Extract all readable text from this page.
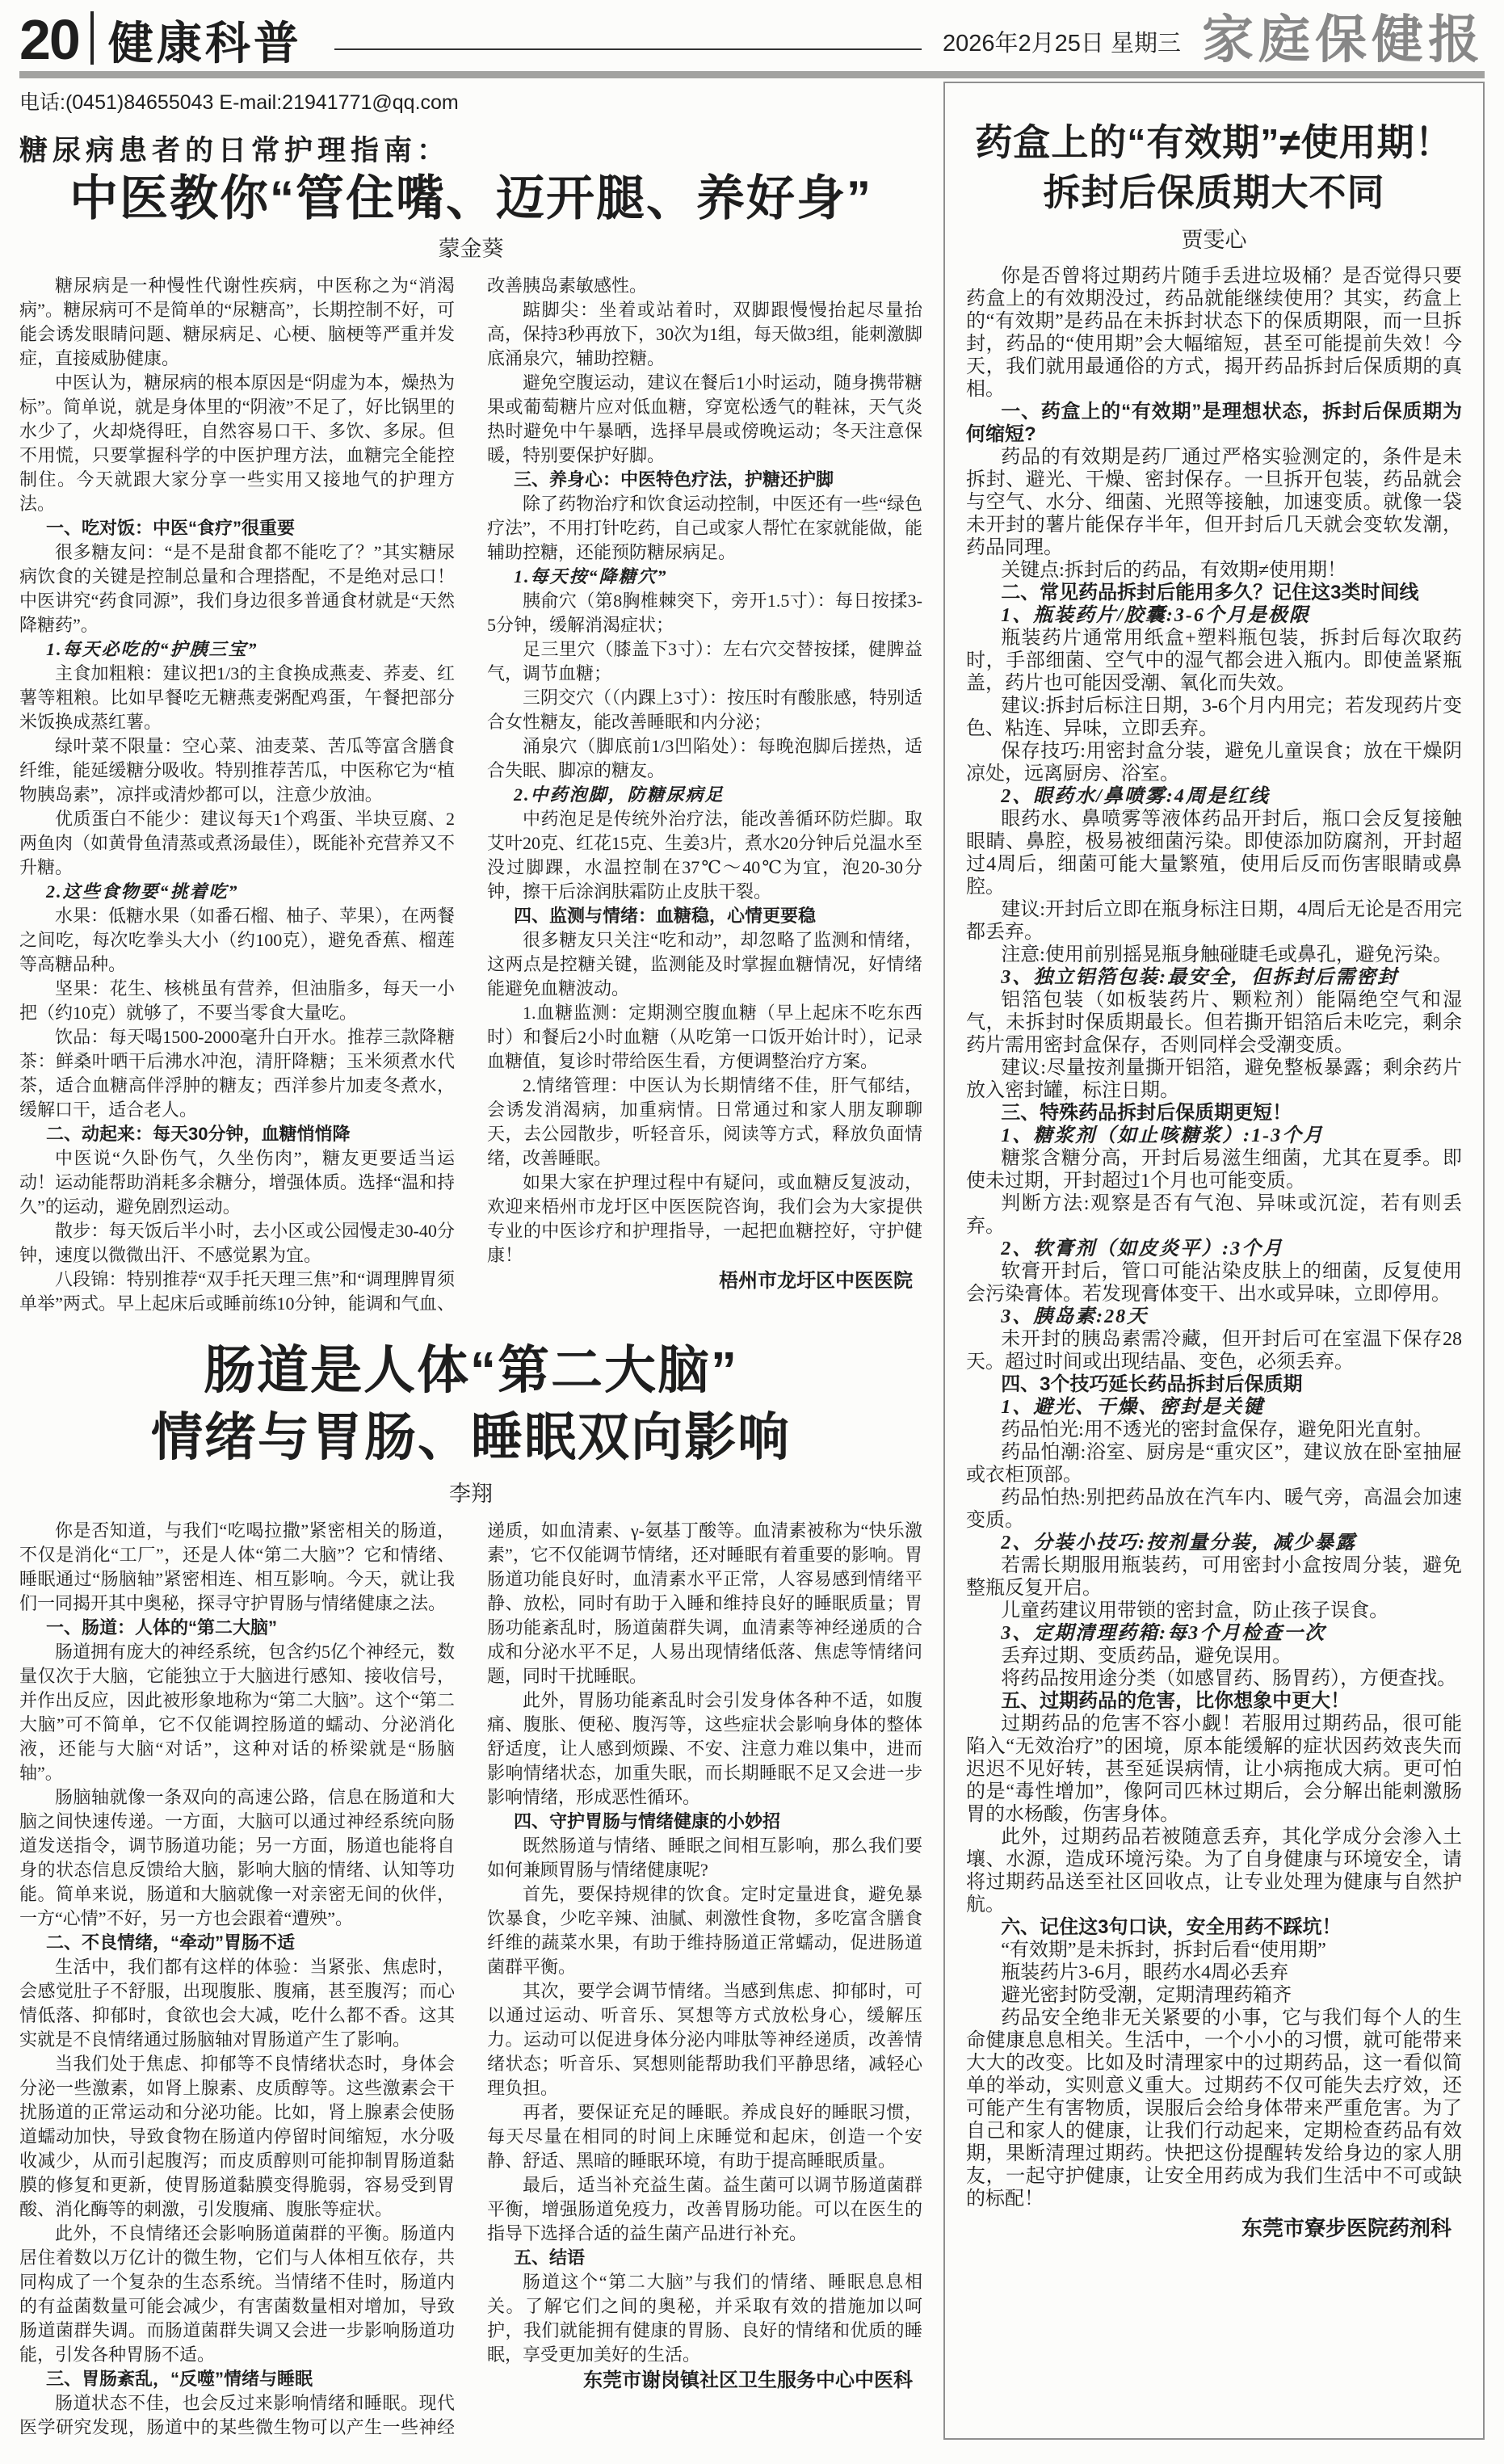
20 健康科普	2026年2月25日 星期三 家庭保健报
电话:(0451)84655043 E-mail:21941771@qq.com
糖尿病患者的日常护理指南：
中医教你“管住嘴、迈开腿、养好身”
蒙金葵

糖尿病是一种慢性代谢性疾病，中医称之为“消渴病”。糖尿病可不是简单的“尿糖高”，长期控制不好，可能会诱发眼睛问题、糖尿病足、心梗、脑梗等严重并发症，直接威胁健康。

中医认为，糖尿病的根本原因是“阴虚为本，燥热为标”。简单说，就是身体里的“阴液”不足了，好比锅里的水少了，火却烧得旺，自然容易口干、多饮、多尿。但不用慌，只要掌握科学的中医护理方法，血糖完全能控制住。今天就跟大家分享一些实用又接地气的护理方法。

一、吃对饭：中医“食疗”很重要

很多糖友问：“是不是甜食都不能吃了？”其实糖尿病饮食的关键是控制总量和合理搭配，不是绝对忌口！中医讲究“药食同源”，我们身边很多普通食材就是“天然降糖药”。

1.每天必吃的“护胰三宝”

主食加粗粮：建议把1/3的主食换成燕麦、荞麦、红薯等粗粮。比如早餐吃无糖燕麦粥配鸡蛋，午餐把部分米饭换成蒸红薯。

绿叶菜不限量：空心菜、油麦菜、苦瓜等富含膳食纤维，能延缓糖分吸收。特别推荐苦瓜，中医称它为“植物胰岛素”，凉拌或清炒都可以，注意少放油。

优质蛋白不能少：建议每天1个鸡蛋、半块豆腐、2两鱼肉（如黄骨鱼清蒸或煮汤最佳），既能补充营养又不升糖。

2.这些食物要“挑着吃”

水果：低糖水果（如番石榴、柚子、苹果），在两餐之间吃，每次吃拳头大小（约100克），避免香蕉、榴莲等高糖品种。

坚果：花生、核桃虽有营养，但油脂多，每天一小把（约10克）就够了，不要当零食大量吃。

饮品：每天喝1500-2000毫升白开水。推荐三款降糖茶：鲜桑叶晒干后沸水冲泡，清肝降糖；玉米须煮水代茶，适合血糖高伴浮肿的糖友；西洋参片加麦冬煮水，缓解口干，适合老人。

二、动起来：每天30分钟，血糖悄悄降

中医说“久卧伤气，久坐伤肉”，糖友更要适当运动！运动能帮助消耗多余糖分，增强体质。选择“温和持久”的运动，避免剧烈运动。

散步：每天饭后半小时，去小区或公园慢走30-40分钟，速度以微微出汗、不感觉累为宜。

八段锦：特别推荐“双手托天理三焦”和“调理脾胃须单举”两式。早上起床后或睡前练10分钟，能调和气血、改善胰岛素敏感性。

踮脚尖：坐着或站着时，双脚跟慢慢抬起尽量抬高，保持3秒再放下，30次为1组，每天做3组，能刺激脚底涌泉穴，辅助控糖。

避免空腹运动，建议在餐后1小时运动，随身携带糖果或葡萄糖片应对低血糖，穿宽松透气的鞋袜，天气炎热时避免中午暴晒，选择早晨或傍晚运动；冬天注意保暖，特别要保护好脚。

三、养身心：中医特色疗法，护糖还护脚

除了药物治疗和饮食运动控制，中医还有一些“绿色疗法”，不用打针吃药，自己或家人帮忙在家就能做，能辅助控糖，还能预防糖尿病足。

1.每天按“降糖穴”

胰俞穴（第8胸椎棘突下，旁开1.5寸）：每日按揉3-5分钟，缓解消渴症状；

足三里穴（膝盖下3寸）：左右穴交替按揉，健脾益气，调节血糖；

三阴交穴（（内踝上3寸）：按压时有酸胀感，特别适合女性糖友，能改善睡眠和内分泌；

涌泉穴（脚底前1/3凹陷处）：每晚泡脚后搓热，适合失眠、脚凉的糖友。

2.中药泡脚，防糖尿病足

中药泡足是传统外治疗法，能改善循环防烂脚。取艾叶20克、红花15克、生姜3片，煮水20分钟后兑温水至没过脚踝，水温控制在37℃～40℃为宜，泡20-30分钟，擦干后涂润肤霜防止皮肤干裂。

四、监测与情绪：血糖稳，心情更要稳

很多糖友只关注“吃和动”，却忽略了监测和情绪，这两点是控糖关键，监测能及时掌握血糖情况，好情绪能避免血糖波动。

1.血糖监测：定期测空腹血糖（早上起床不吃东西时）和餐后2小时血糖（从吃第一口饭开始计时），记录血糖值，复诊时带给医生看，方便调整治疗方案。

2.情绪管理：中医认为长期情绪不佳，肝气郁结，会诱发消渴病，加重病情。日常通过和家人朋友聊聊天，去公园散步，听轻音乐，阅读等方式，释放负面情绪，改善睡眠。

如果大家在护理过程中有疑问，或血糖反复波动，欢迎来梧州市龙圩区中医医院咨询，我们会为大家提供专业的中医诊疗和护理指导，一起把血糖控好，守护健康！

梧州市龙圩区中医医院

肠道是人体“第二大脑”
情绪与胃肠、睡眠双向影响
李翔

你是否知道，与我们“吃喝拉撒”紧密相关的肠道，不仅是消化“工厂”，还是人体“第二大脑”？它和情绪、睡眠通过“肠脑轴”紧密相连、相互影响。今天，就让我们一同揭开其中奥秘，探寻守护胃肠与情绪健康之法。

一、肠道：人体的“第二大脑”

肠道拥有庞大的神经系统，包含约5亿个神经元，数量仅次于大脑，它能独立于大脑进行感知、接收信号，并作出反应，因此被形象地称为“第二大脑”。这个“第二大脑”可不简单，它不仅能调控肠道的蠕动、分泌消化液，还能与大脑“对话”，这种对话的桥梁就是“肠脑轴”。

肠脑轴就像一条双向的高速公路，信息在肠道和大脑之间快速传递。一方面，大脑可以通过神经系统向肠道发送指令，调节肠道功能；另一方面，肠道也能将自身的状态信息反馈给大脑，影响大脑的情绪、认知等功能。简单来说，肠道和大脑就像一对亲密无间的伙伴，一方“心情”不好，另一方也会跟着“遭殃”。

二、不良情绪，“牵动”胃肠不适

生活中，我们都有这样的体验：当紧张、焦虑时，会感觉肚子不舒服，出现腹胀、腹痛，甚至腹泻；而心情低落、抑郁时，食欲也会大减，吃什么都不香。这其实就是不良情绪通过肠脑轴对胃肠道产生了影响。

当我们处于焦虑、抑郁等不良情绪状态时，身体会分泌一些激素，如肾上腺素、皮质醇等。这些激素会干扰肠道的正常运动和分泌功能。比如，肾上腺素会使肠道蠕动加快，导致食物在肠道内停留时间缩短，水分吸收减少，从而引起腹泻；而皮质醇则可能抑制胃肠道黏膜的修复和更新，使胃肠道黏膜变得脆弱，容易受到胃酸、消化酶等的刺激，引发腹痛、腹胀等症状。

此外，不良情绪还会影响肠道菌群的平衡。肠道内居住着数以万亿计的微生物，它们与人体相互依存，共同构成了一个复杂的生态系统。当情绪不佳时，肠道内的有益菌数量可能会减少，有害菌数量相对增加，导致肠道菌群失调。而肠道菌群失调又会进一步影响肠道功能，引发各种胃肠不适。

三、胃肠紊乱，“反噬”情绪与睡眠

肠道状态不佳，也会反过来影响情绪和睡眠。现代医学研究发现，肠道中的某些微生物可以产生一些神经递质，如血清素、γ-氨基丁酸等。血清素被称为“快乐激素”，它不仅能调节情绪，还对睡眠有着重要的影响。胃肠道功能良好时，血清素水平正常，人容易感到情绪平静、放松，同时有助于入睡和维持良好的睡眠质量；胃肠功能紊乱时，肠道菌群失调，血清素等神经递质的合成和分泌水平不足，人易出现情绪低落、焦虑等情绪问题，同时干扰睡眠。

此外，胃肠功能紊乱时会引发身体各种不适，如腹痛、腹胀、便秘、腹泻等，这些症状会影响身体的整体舒适度，让人感到烦躁、不安、注意力难以集中，进而影响情绪状态，加重失眠，而长期睡眠不足又会进一步影响情绪，形成恶性循环。

四、守护胃肠与情绪健康的小妙招

既然肠道与情绪、睡眠之间相互影响，那么我们要如何兼顾胃肠与情绪健康呢?

首先，要保持规律的饮食。定时定量进食，避免暴饮暴食，少吃辛辣、油腻、刺激性食物，多吃富含膳食纤维的蔬菜水果，有助于维持肠道正常蠕动，促进肠道菌群平衡。

其次，要学会调节情绪。当感到焦虑、抑郁时，可以通过运动、听音乐、冥想等方式放松身心，缓解压力。运动可以促进身体分泌内啡肽等神经递质，改善情绪状态；听音乐、冥想则能帮助我们平静思绪，减轻心理负担。

再者，要保证充足的睡眠。养成良好的睡眠习惯，每天尽量在相同的时间上床睡觉和起床，创造一个安静、舒适、黑暗的睡眠环境，有助于提高睡眠质量。

最后，适当补充益生菌。益生菌可以调节肠道菌群平衡，增强肠道免疫力，改善胃肠功能。可以在医生的指导下选择合适的益生菌产品进行补充。

五、结语

肠道这个“第二大脑”与我们的情绪、睡眠息息相关。了解它们之间的奥秘，并采取有效的措施加以呵护，我们就能拥有健康的胃肠、良好的情绪和优质的睡眠，享受更加美好的生活。

东莞市谢岗镇社区卫生服务中心中医科

药盒上的“有效期”≠使用期！
拆封后保质期大不同
贾雯心

你是否曾将过期药片随手丢进垃圾桶？是否觉得只要药盒上的有效期没过，药品就能继续使用？其实，药盒上的“有效期”是药品在未拆封状态下的保质期限，而一旦拆封，药品的“使用期”会大幅缩短，甚至可能提前失效！今天，我们就用最通俗的方式，揭开药品拆封后保质期的真相。

一、药盒上的“有效期”是理想状态，拆封后保质期为何缩短?

药品的有效期是药厂通过严格实验测定的，条件是未拆封、避光、干燥、密封保存。一旦拆开包装，药品就会与空气、水分、细菌、光照等接触，加速变质。就像一袋未开封的薯片能保存半年，但开封后几天就会变软发潮，药品同理。

关键点:拆封后的药品，有效期≠使用期！

二、常见药品拆封后能用多久？记住这3类时间线

1、瓶装药片/胶囊:3-6个月是极限

瓶装药片通常用纸盒+塑料瓶包装，拆封后每次取药时，手部细菌、空气中的湿气都会进入瓶内。即使盖紧瓶盖，药片也可能因受潮、氧化而失效。

建议:拆封后标注日期，3-6个月内用完；若发现药片变色、粘连、异味，立即丢弃。

保存技巧:用密封盒分装，避免儿童误食；放在干燥阴凉处，远离厨房、浴室。

2、眼药水/鼻喷雾:4周是红线

眼药水、鼻喷雾等液体药品开封后，瓶口会反复接触眼睛、鼻腔，极易被细菌污染。即使添加防腐剂，开封超过4周后，细菌可能大量繁殖，使用后反而伤害眼睛或鼻腔。

建议:开封后立即在瓶身标注日期，4周后无论是否用完都丢弃。

注意:使用前别摇晃瓶身触碰睫毛或鼻孔，避免污染。

3、独立铝箔包装:最安全，但拆封后需密封

铝箔包装（如板装药片、颗粒剂）能隔绝空气和湿气，未拆封时保质期最长。但若撕开铝箔后未吃完，剩余药片需用密封盒保存，否则同样会受潮变质。

建议:尽量按剂量撕开铝箔，避免整板暴露；剩余药片放入密封罐，标注日期。

三、特殊药品拆封后保质期更短！

1、糖浆剂（如止咳糖浆）:1-3个月

糖浆含糖分高，开封后易滋生细菌，尤其在夏季。即使未过期，开封超过1个月也可能变质。

判断方法:观察是否有气泡、异味或沉淀，若有则丢弃。

2、软膏剂（如皮炎平）:3个月

软膏开封后，管口可能沾染皮肤上的细菌，反复使用会污染膏体。若发现膏体变干、出水或异味，立即停用。

3、胰岛素:28天

未开封的胰岛素需冷藏，但开封后可在室温下保存28天。超过时间或出现结晶、变色，必须丢弃。

四、3个技巧延长药品拆封后保质期

1、避光、干燥、密封是关键

药品怕光:用不透光的密封盒保存，避免阳光直射。

药品怕潮:浴室、厨房是“重灾区”，建议放在卧室抽屉或衣柜顶部。

药品怕热:别把药品放在汽车内、暖气旁，高温会加速变质。

2、分装小技巧:按剂量分装，减少暴露

若需长期服用瓶装药，可用密封小盒按周分装，避免整瓶反复开启。

儿童药建议用带锁的密封盒，防止孩子误食。

3、定期清理药箱:每3个月检查一次

丢弃过期、变质药品，避免误用。

将药品按用途分类（如感冒药、肠胃药），方便查找。

五、过期药品的危害，比你想象中更大！

过期药品的危害不容小觑！若服用过期药品，很可能陷入“无效治疗”的困境，原本能缓解的症状因药效丧失而迟迟不见好转，甚至延误病情，让小病拖成大病。更可怕的是“毒性增加”，像阿司匹林过期后，会分解出能刺激肠胃的水杨酸，伤害身体。

此外，过期药品若被随意丢弃，其化学成分会渗入土壤、水源，造成环境污染。为了自身健康与环境安全，请将过期药品送至社区回收点，让专业处理为健康与自然护航。

六、记住这3句口诀，安全用药不踩坑！

“有效期”是未拆封，拆封后看“使用期”

瓶装药片3-6月，眼药水4周必丢弃

避光密封防受潮，定期清理药箱齐

药品安全绝非无关紧要的小事，它与我们每个人的生命健康息息相关。生活中，一个小小的习惯，就可能带来大大的改变。比如及时清理家中的过期药品，这一看似简单的举动，实则意义重大。过期药不仅可能失去疗效，还可能产生有害物质，误服后会给身体带来严重危害。为了自己和家人的健康，让我们行动起来，定期检查药品有效期，果断清理过期药。快把这份提醒转发给身边的家人朋友，一起守护健康，让安全用药成为我们生活中不可或缺的标配！

东莞市寮步医院药剂科
